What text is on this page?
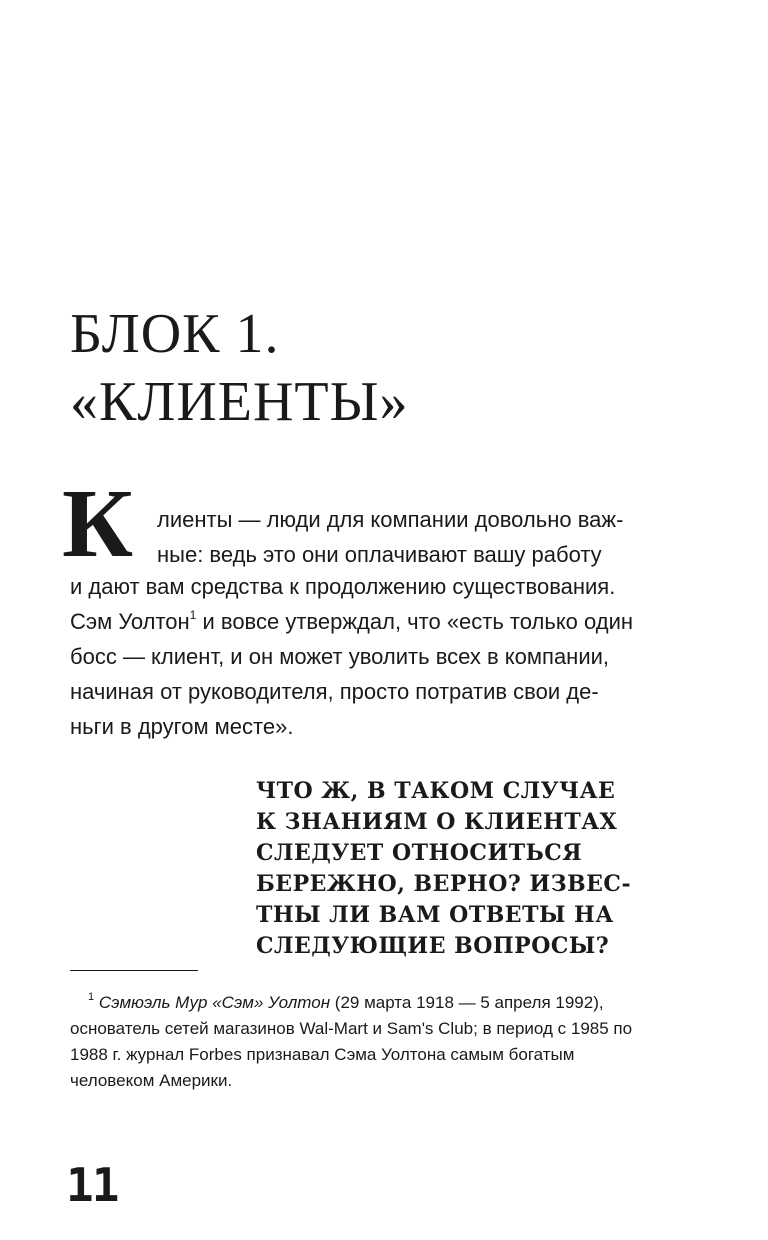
БЛОК 1.
«КЛИЕНТЫ»
К лиенты — люди для компании довольно важ-

ные: ведь это они оплачивают вашу работу

и дают вам средства к продолжению существования.

Сэм Уолтон$^1$ и вовсе утверждал, что «есть только один

босс — клиент, и он может уволить всех в компании,

начиная от руководителя, просто потратив свои де-

ньги в другом месте».

ЧТО Ж, В ТАКОМ СЛУЧАЕ
К ЗНАНИЯМ О КЛИЕНТАХ
СЛЕДУЕТ ОТНОСИТЬСЯ
БЕРЕЖНО, ВЕРНО? ИЗВЕС-
ТНЫ ЛИ ВАМ ОТВЕТЫ НА
СЛЕДУЮЩИЕ ВОПРОСЫ?

$^1$ Сэмюэль Мур «Сэм» Уолтон (29 марта 1918 — 5 апреля 1992), основатель сетей магазинов Wal-Mart и Sam's Club; в период с 1985 по 1988 г. журнал Forbes признавал Сэма Уолтона самым богатым человеком Америки.

11
